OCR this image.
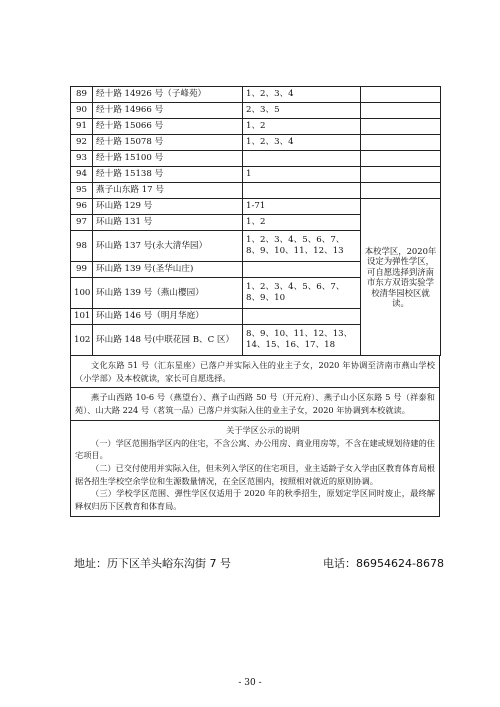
89	经十路 14926 号（子峰苑）	1、2、3、4	
90	经十路 14966 号	2、3、5	
91	经十路 15066 号	1、2	
92	经十路 15078 号	1、2、3、4	
93	经十路 15100 号		
94	经十路 15138 号	1	
95	燕子山东路 17 号		
96	环山路 129 号	1-71	本校学区，2020年设定为弹性学区，可自愿选择到济南市东方双语实验学校清华园校区就读。
97	环山路 131 号	1、2	
98	环山路 137 号(永大清华园）	1、2、3、4、5、6、7、8、9、10、11、12、13	
99	环山路 139 号(圣华山庄)		
100	环山路 139 号（燕山樱园）	1、2、3、4、5、6、7、8、9、10	
101	环山路 146 号（明月华庭）		
102	环山路 148 号(中联花园 B、C 区）	8、9、10、11、12、13、14、15、16、17、18	

文化东路 51 号（汇东星座）已落户并实际入住的业主子女，2020 年协调至济南市燕山学校（小学部）及本校就读，家长可自愿选择。

燕子山西路 10-6 号（燕望台）、燕子山西路 50 号（开元府）、燕子山小区东路 5 号（祥泰和苑）、山大路 224 号（茗筑一品）已落户并实际入住的业主子女，2020 年协调到本校就读。

关于学区公示的说明

（一）学区范围指学区内的住宅，不含公寓、办公用房、商业用房等，不含在建或规划待建的住宅项目。

（二）已交付使用并实际入住，但未列入学区的住宅项目，业主适龄子女入学由区教育体育局根据各招生学校空余学位和生源数量情况，在全区范围内，按照相对就近的原则协调。

（三）学校学区范围、弹性学区仅适用于 2020 年的秋季招生，原划定学区同时废止，最终解释权归历下区教育和体育局。

地址：历下区羊头峪东沟街 7 号	电话：86954624-8678
- 30 -
